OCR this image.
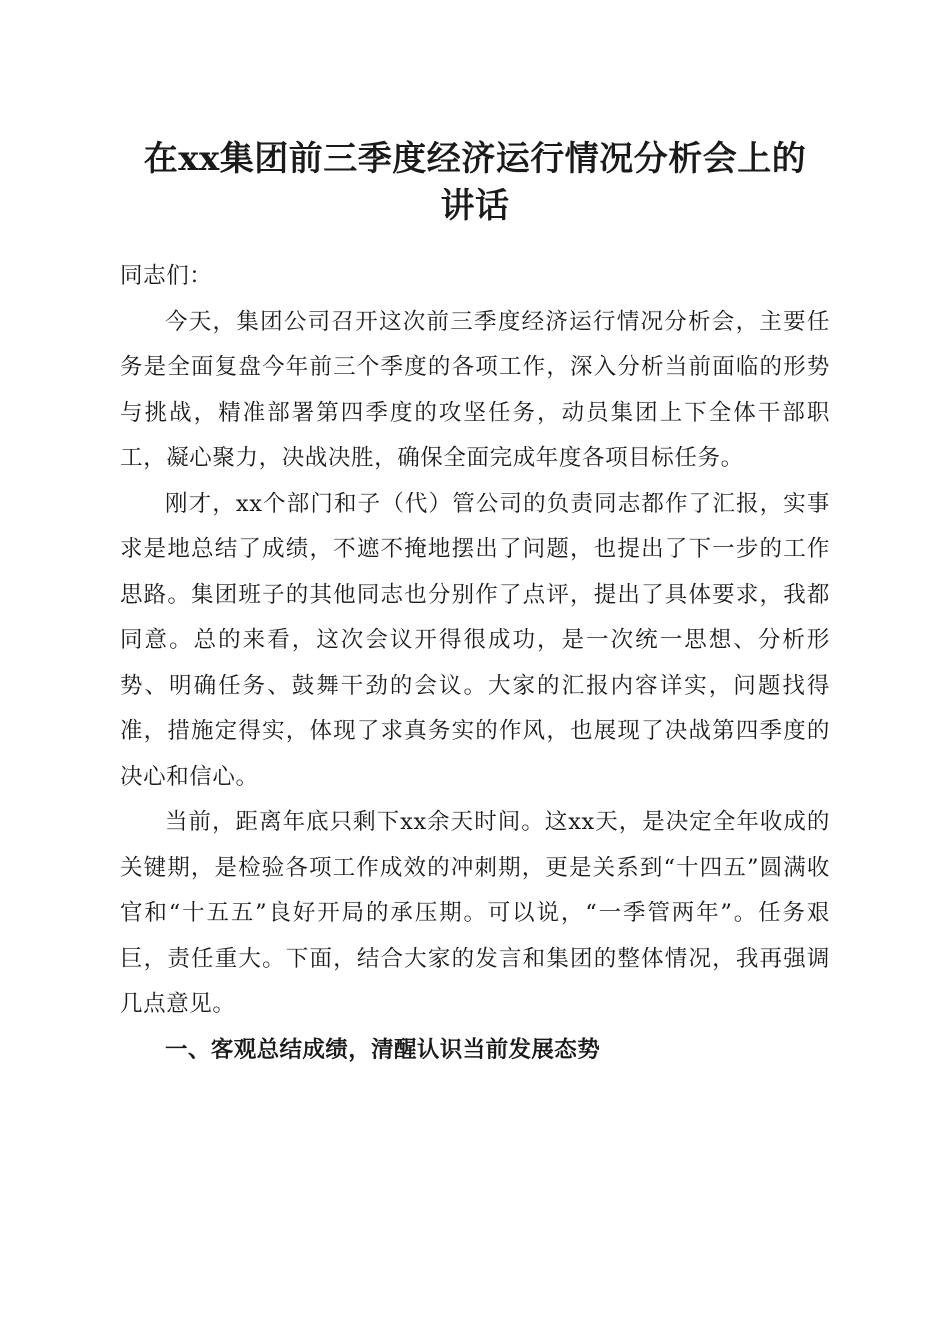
在xx集团前三季度经济运行情况分析会上的
讲话

同志们：

今天，集团公司召开这次前三季度经济运行情况分析会，主要任务是全面复盘今年前三个季度的各项工作，深入分析当前面临的形势与挑战，精准部署第四季度的攻坚任务，动员集团上下全体干部职工，凝心聚力，决战决胜，确保全面完成年度各项目标任务。

刚才，xx个部门和子（代）管公司的负责同志都作了汇报，实事求是地总结了成绩，不遮不掩地摆出了问题，也提出了下一步的工作思路。集团班子的其他同志也分别作了点评，提出了具体要求，我都同意。总的来看，这次会议开得很成功，是一次统一思想、分析形势、明确任务、鼓舞干劲的会议。大家的汇报内容详实，问题找得准，措施定得实，体现了求真务实的作风，也展现了决战第四季度的决心和信心。

当前，距离年底只剩下xx余天时间。这xx天，是决定全年收成的关键期，是检验各项工作成效的冲刺期，更是关系到“十四五”圆满收官和“十五五”良好开局的承压期。可以说，“一季管两年”。任务艰巨，责任重大。下面，结合大家的发言和集团的整体情况，我再强调几点意见。

一、客观总结成绩，清醒认识当前发展态势
